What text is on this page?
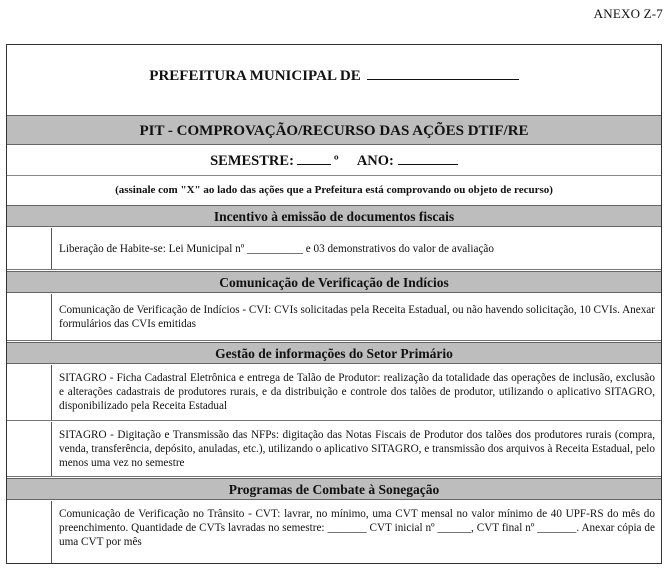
ANEXO Z-7
PREFEITURA MUNICIPAL DE
PIT - COMPROVAÇÃO/RECURSO DAS AÇÕES DTIF/RE
SEMESTRE:	º ANO:
(assinale com "X" ao lado das ações que a Prefeitura está comprovando ou objeto de recurso)
Incentivo à emissão de documentos fiscais
Liberação de Habite-se: Lei Municipal nº __________ e 03 demonstrativos do valor de avaliação
Comunicação de Verificação de Indícios
Comunicação de Verificação de Indícios - CVI: CVIs solicitadas pela Receita Estadual, ou não havendo solicitação, 10 CVIs. Anexar formulários das CVIs emitidas
Gestão de informações do Setor Primário
SITAGRO - Ficha Cadastral Eletrônica e entrega de Talão de Produtor: realização da totalidade das operações de inclusão, exclusão e alterações cadastrais de produtores rurais, e da distribuição e controle dos talões de produtor, utilizando o aplicativo SITAGRO, disponibilizado pela Receita Estadual
SITAGRO - Digitação e Transmissão das NFPs: digitação das Notas Fiscais de Produtor dos talões dos produtores rurais (compra, venda, transferência, depósito, anuladas, etc.), utilizando o aplicativo SITAGRO, e transmissão dos arquivos à Receita Estadual, pelo menos uma vez no semestre
Programas de Combate à Sonegação
Comunicação de Verificação no Trânsito - CVT: lavrar, no mínimo, uma CVT mensal no valor mínimo de 40 UPF-RS do mês do preenchimento. Quantidade de CVTs lavradas no semestre: _______ CVT inicial nº ______, CVT final nº _______. Anexar cópia de uma CVT por mês
